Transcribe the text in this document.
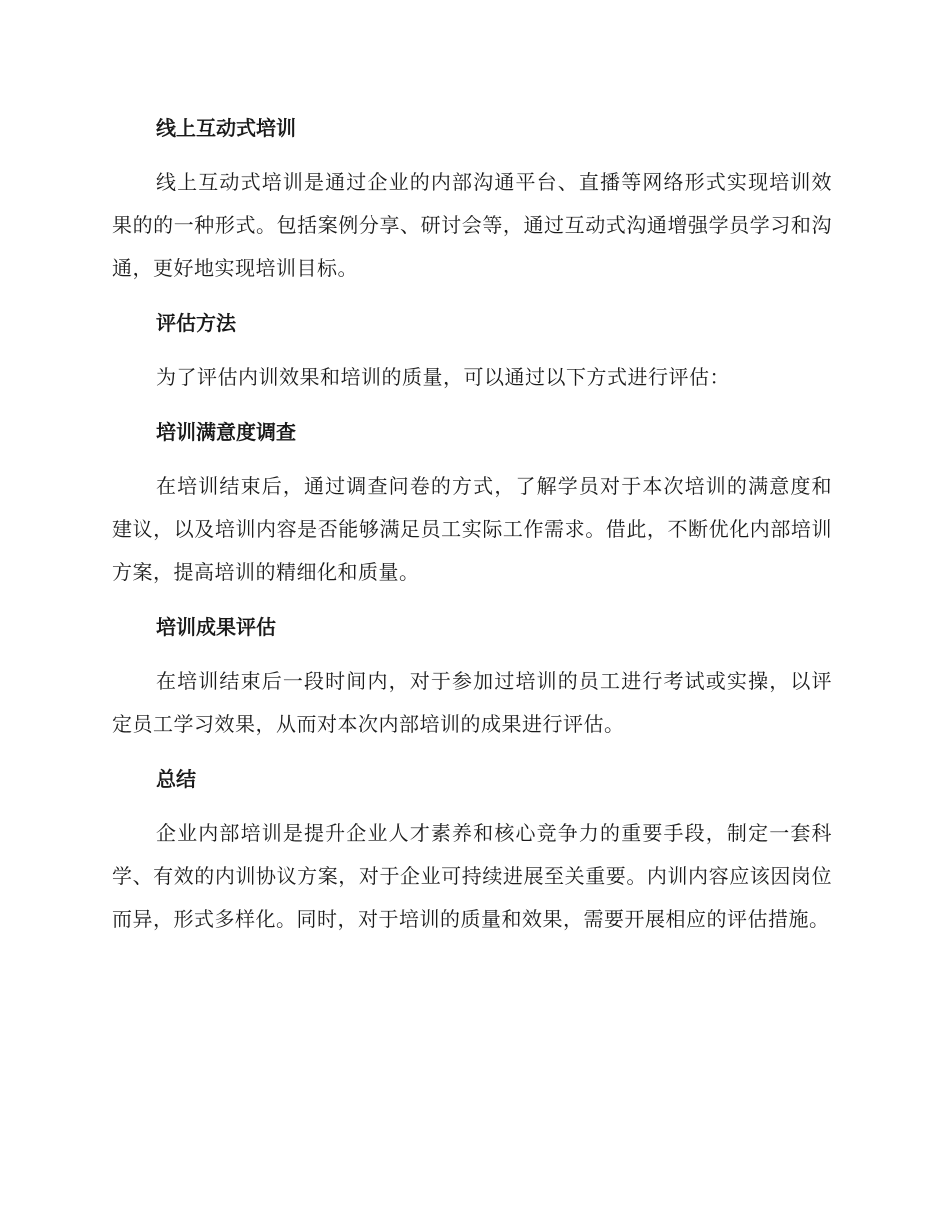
线上互动式培训

线上互动式培训是通过企业的内部沟通平台、直播等网络形式实现培训效果的的一种形式。包括案例分享、研讨会等，通过互动式沟通增强学员学习和沟通，更好地实现培训目标。

评估方法

为了评估内训效果和培训的质量，可以通过以下方式进行评估：

培训满意度调查

在培训结束后，通过调查问卷的方式，了解学员对于本次培训的满意度和建议，以及培训内容是否能够满足员工实际工作需求。借此，不断优化内部培训方案，提高培训的精细化和质量。

培训成果评估

在培训结束后一段时间内，对于参加过培训的员工进行考试或实操，以评定员工学习效果，从而对本次内部培训的成果进行评估。

总结

企业内部培训是提升企业人才素养和核心竞争力的重要手段，制定一套科学、有效的内训协议方案，对于企业可持续进展至关重要。内训内容应该因岗位而异，形式多样化。同时，对于培训的质量和效果，需要开展相应的评估措施。
